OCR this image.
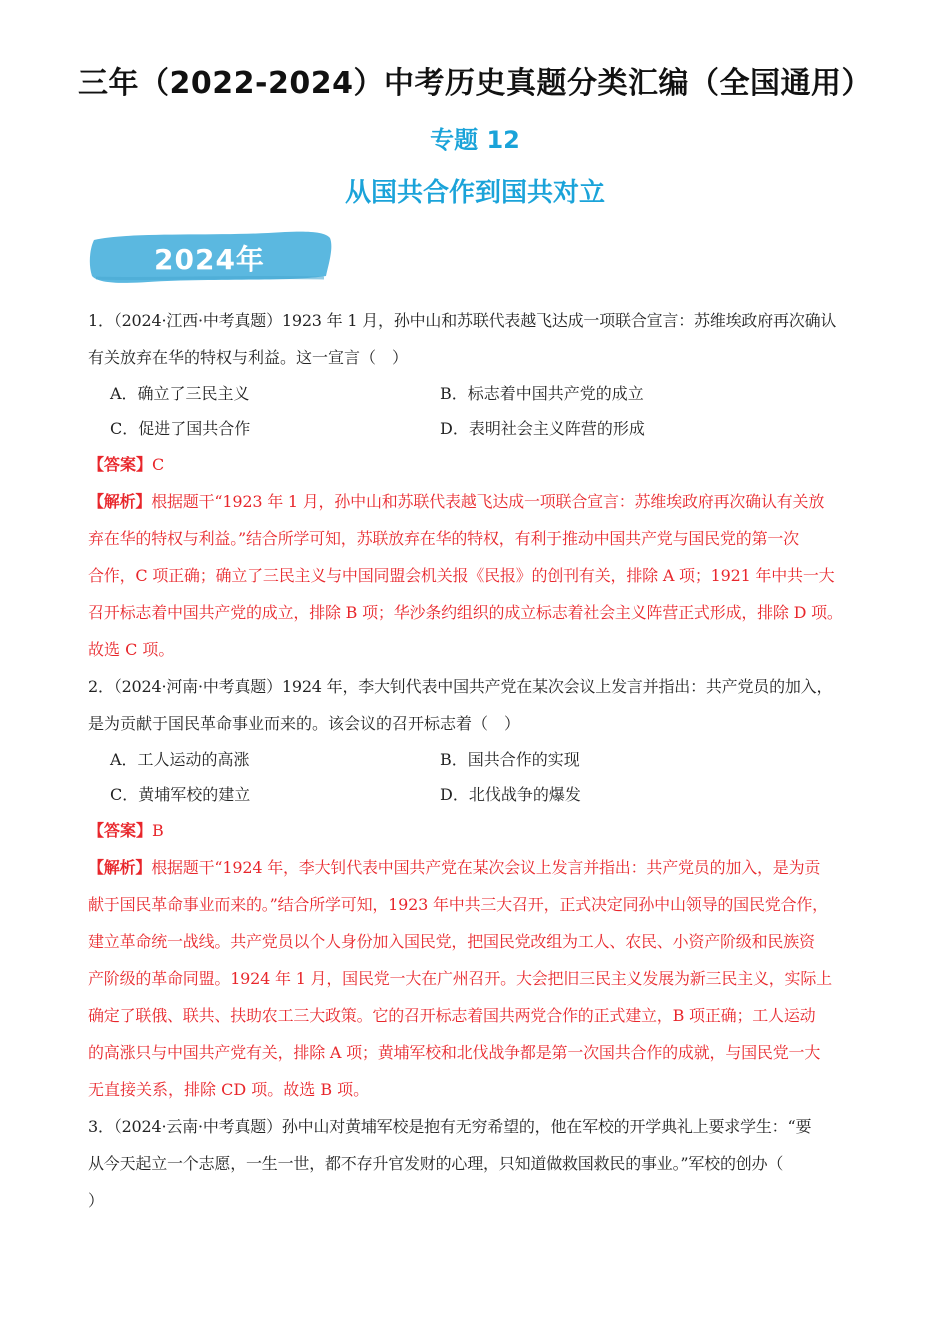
三年（2022-2024）中考历史真题分类汇编（全国通用）
专题 12
从国共合作到国共对立
2024年
1．（2024·江西·中考真题）1923 年 1 月，孙中山和苏联代表越飞达成一项联合宣言：苏维埃政府再次确认
有关放弃在华的特权与利益。这一宣言（　）
A．确立了三民主义	B．标志着中国共产党的成立
C．促进了国共合作	D．表明社会主义阵营的形成
【答案】C
【解析】根据题干“1923 年 1 月，孙中山和苏联代表越飞达成一项联合宣言：苏维埃政府再次确认有关放
弃在华的特权与利益。”结合所学可知，苏联放弃在华的特权，有利于推动中国共产党与国民党的第一次
合作，C 项正确；确立了三民主义与中国同盟会机关报《民报》的创刊有关，排除 A 项；1921 年中共一大
召开标志着中国共产党的成立，排除 B 项；华沙条约组织的成立标志着社会主义阵营正式形成，排除 D 项。
故选 C 项。
2．（2024·河南·中考真题）1924 年，李大钊代表中国共产党在某次会议上发言并指出：共产党员的加入，
是为贡献于国民革命事业而来的。该会议的召开标志着（　）
A．工人运动的高涨	B．国共合作的实现
C．黄埔军校的建立	D．北伐战争的爆发
【答案】B
【解析】根据题干“1924 年，李大钊代表中国共产党在某次会议上发言并指出：共产党员的加入，是为贡
献于国民革命事业而来的。”结合所学可知，1923 年中共三大召开，正式决定同孙中山领导的国民党合作，
建立革命统一战线。共产党员以个人身份加入国民党，把国民党改组为工人、农民、小资产阶级和民族资
产阶级的革命同盟。1924 年 1 月，国民党一大在广州召开。大会把旧三民主义发展为新三民主义，实际上
确定了联俄、联共、扶助农工三大政策。它的召开标志着国共两党合作的正式建立，B 项正确；工人运动
的高涨只与中国共产党有关，排除 A 项；黄埔军校和北伐战争都是第一次国共合作的成就，与国民党一大
无直接关系，排除 CD 项。故选 B 项。
3．（2024·云南·中考真题）孙中山对黄埔军校是抱有无穷希望的，他在军校的开学典礼上要求学生：“要
从今天起立一个志愿，一生一世，都不存升官发财的心理，只知道做救国救民的事业。”军校的创办（
）
